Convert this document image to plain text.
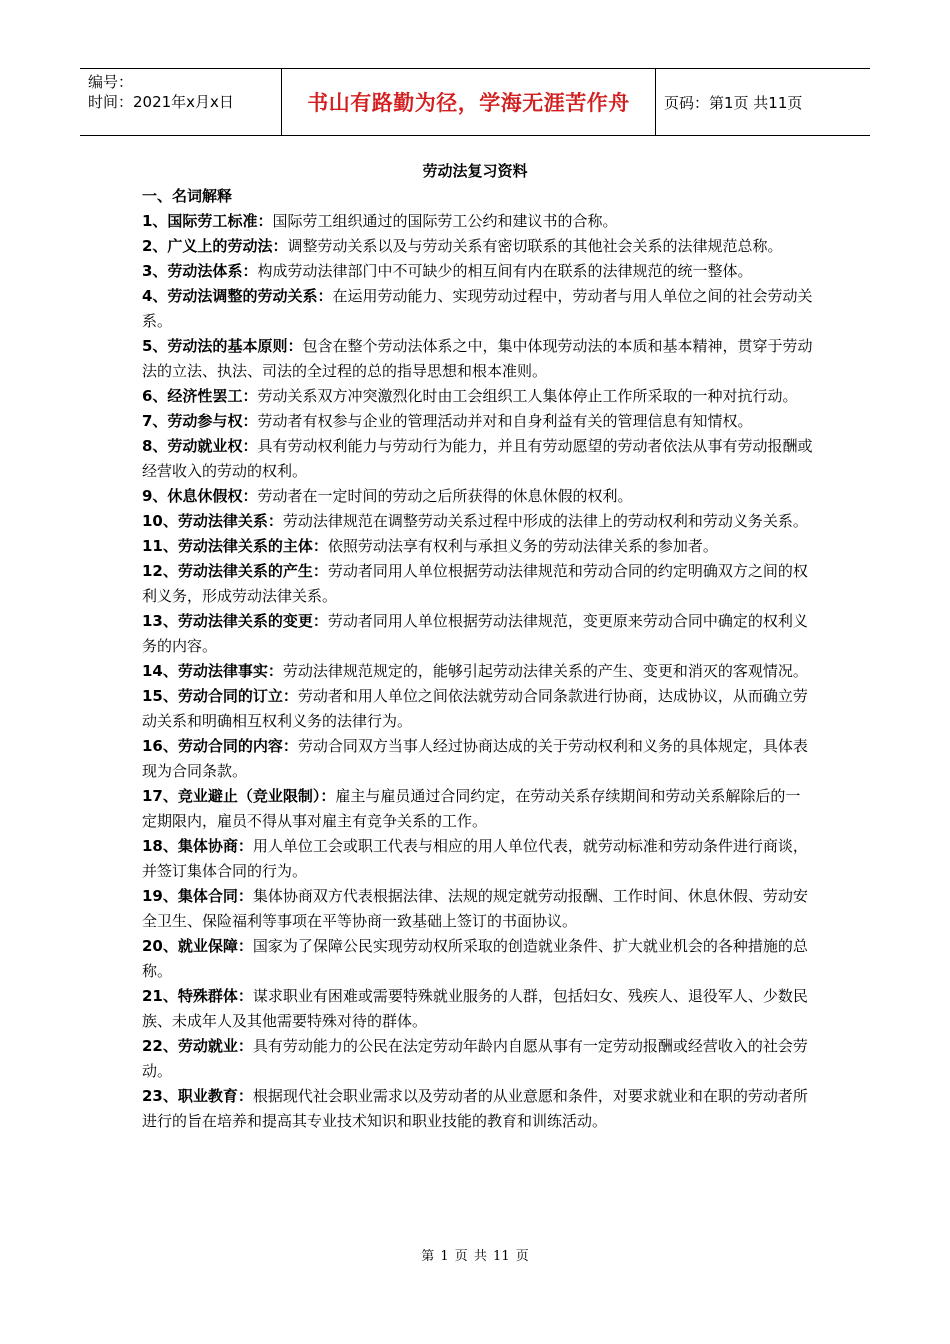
编号：
时间：2021年x月x日	书山有路勤为径，学海无涯苦作舟	页码：第1页 共11页
劳动法复习资料
一、名词解释

1、国际劳工标准：国际劳工组织通过的国际劳工公约和建议书的合称。

2、广义上的劳动法：调整劳动关系以及与劳动关系有密切联系的其他社会关系的法律规范总称。

3、劳动法体系：构成劳动法律部门中不可缺少的相互间有内在联系的法律规范的统一整体。

4、劳动法调整的劳动关系：在运用劳动能力、实现劳动过程中，劳动者与用人单位之间的社会劳动关系。

5、劳动法的基本原则：包含在整个劳动法体系之中，集中体现劳动法的本质和基本精神，贯穿于劳动法的立法、执法、司法的全过程的总的指导思想和根本准则。

6、经济性罢工：劳动关系双方冲突激烈化时由工会组织工人集体停止工作所采取的一种对抗行动。

7、劳动参与权：劳动者有权参与企业的管理活动并对和自身利益有关的管理信息有知情权。

8、劳动就业权：具有劳动权利能力与劳动行为能力，并且有劳动愿望的劳动者依法从事有劳动报酬或经营收入的劳动的权利。

9、休息休假权：劳动者在一定时间的劳动之后所获得的休息休假的权利。

10、劳动法律关系：劳动法律规范在调整劳动关系过程中形成的法律上的劳动权利和劳动义务关系。

11、劳动法律关系的主体：依照劳动法享有权利与承担义务的劳动法律关系的参加者。

12、劳动法律关系的产生：劳动者同用人单位根据劳动法律规范和劳动合同的约定明确双方之间的权利义务，形成劳动法律关系。

13、劳动法律关系的变更：劳动者同用人单位根据劳动法律规范，变更原来劳动合同中确定的权利义务的内容。

14、劳动法律事实：劳动法律规范规定的，能够引起劳动法律关系的产生、变更和消灭的客观情况。

15、劳动合同的订立：劳动者和用人单位之间依法就劳动合同条款进行协商，达成协议，从而确立劳动关系和明确相互权利义务的法律行为。

16、劳动合同的内容：劳动合同双方当事人经过协商达成的关于劳动权利和义务的具体规定，具体表现为合同条款。

17、竞业避止（竞业限制）：雇主与雇员通过合同约定，在劳动关系存续期间和劳动关系解除后的一定期限内，雇员不得从事对雇主有竞争关系的工作。

18、集体协商：用人单位工会或职工代表与相应的用人单位代表，就劳动标准和劳动条件进行商谈，并签订集体合同的行为。

19、集体合同：集体协商双方代表根据法律、法规的规定就劳动报酬、工作时间、休息休假、劳动安全卫生、保险福利等事项在平等协商一致基础上签订的书面协议。

20、就业保障：国家为了保障公民实现劳动权所采取的创造就业条件、扩大就业机会的各种措施的总称。

21、特殊群体：谋求职业有困难或需要特殊就业服务的人群，包括妇女、残疾人、退役军人、少数民族、未成年人及其他需要特殊对待的群体。

22、劳动就业：具有劳动能力的公民在法定劳动年龄内自愿从事有一定劳动报酬或经营收入的社会劳动。

23、职业教育：根据现代社会职业需求以及劳动者的从业意愿和条件，对要求就业和在职的劳动者所进行的旨在培养和提高其专业技术知识和职业技能的教育和训练活动。

第 1 页 共 11 页
